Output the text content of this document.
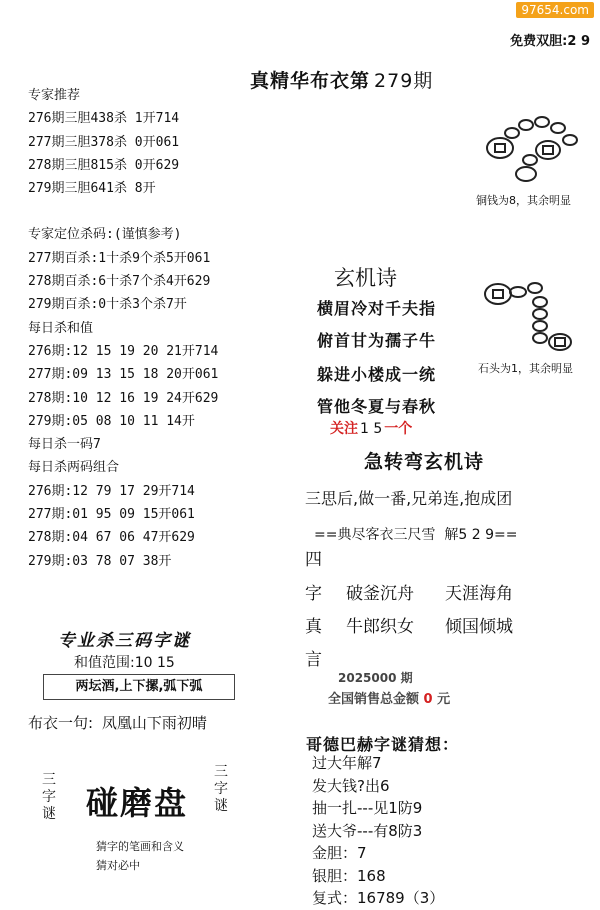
97654.com
免费双胆:2 9
真精华布衣第 279期
专家推荐
276期三胆438杀 1开714
277期三胆378杀 0开061
278期三胆815杀 0开629
279期三胆641杀 8开
专家定位杀码:(谨慎参考)
277期百杀:1十杀9个杀5开061
278期百杀:6十杀7个杀4开629
279期百杀:0十杀3个杀7开
每日杀和值
276期:12 15 19 20 21开714
277期:09 13 15 18 20开061
278期:10 12 16 19 24开629
279期:05 08 10 11 14开
每日杀一码7
每日杀两码组合
276期:12 79 17 29开714
277期:01 95 09 15开061
278期:04 67 06 47开629
279期:03 78 07 38开
专业杀三码字谜
和值范围:10 15
两坛酒,上下摞,弧下弧
布衣一句: 凤凰山下雨初晴
三字谜 碰磨盘
三字谜
猜字的笔画和含义
猜对必中
铜钱为8，其余明显
石头为1，其余明显
玄机诗
横眉冷对千夫指
俯首甘为孺子牛
躲进小楼成一统
管他冬夏与春秋
关注 1 5 一个
急转弯玄机诗
三思后,做一番,兄弟连,抱成团
==典尽客衣三尺雪  解5 2 9==
四
字
真
言
破釜沉舟 天涯海角
牛郎织女 倾国倾城
2025000 期
全国销售总金额 0 元
哥德巴赫字谜猜想：
过大年解7
发大钱?出6
抽一扎---见1防9
送大爷---有8防3
金胆：7
银胆：168
复式：16789（3）
